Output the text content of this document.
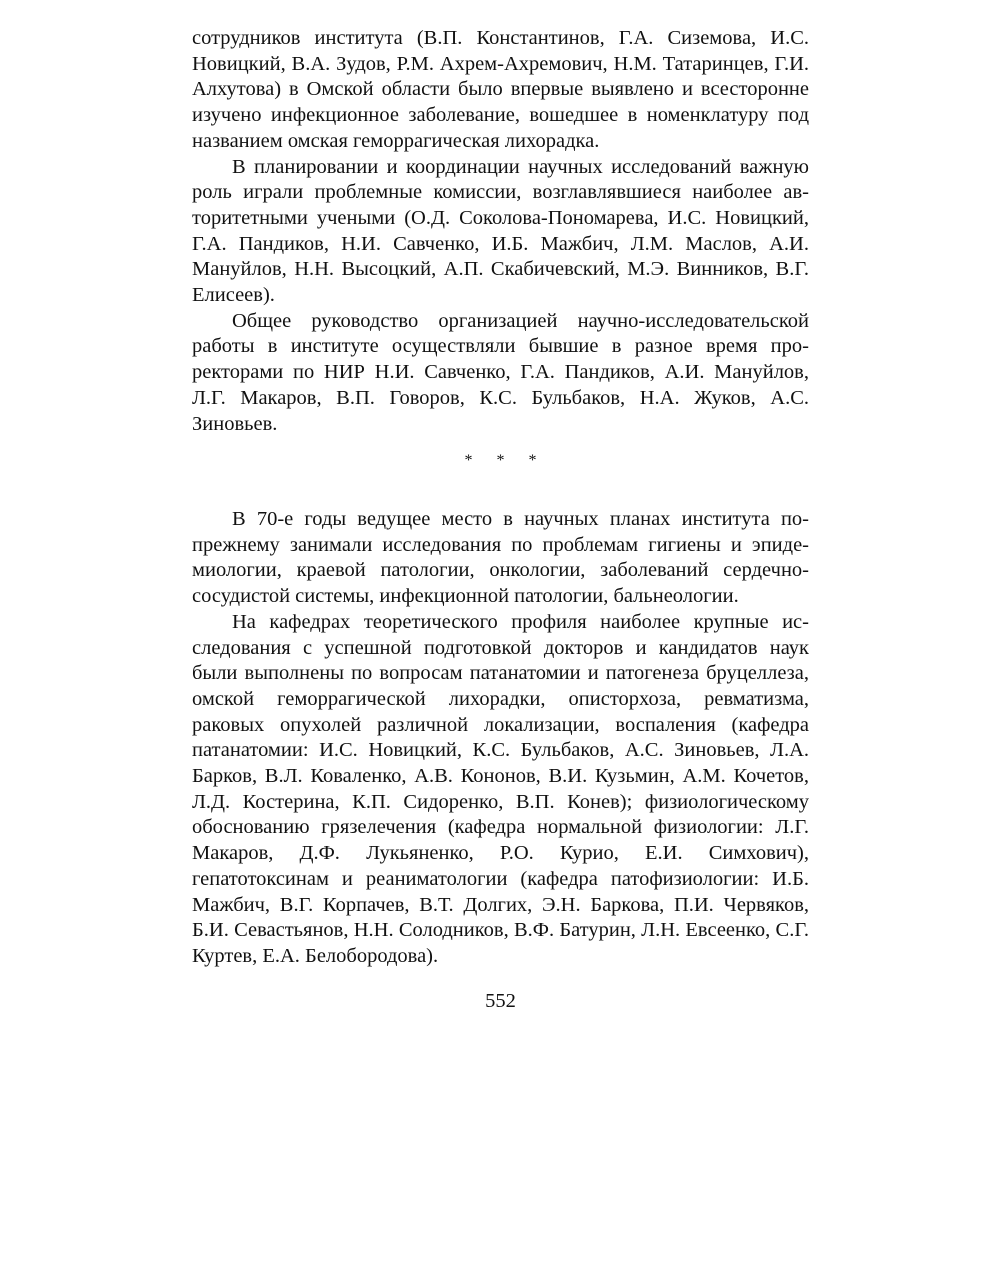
сотрудников института (В.П. Константинов, Г.А. Сиземова, И.С. Новицкий, В.А. Зудов, Р.М. Ахрем-Ахремович, Н.М. Татаринцев, Г.И. Алхутова) в Омской области было впервые выявлено и всесторонне изучено инфекционное заболевание, вошедшее в номенклатуру под названием омская геморрагическая лихорадка.

В планировании и координации научных исследований важную роль играли проблемные комиссии, возглавлявшиеся наиболее авторитетными учеными (О.Д. Соколова-Пономарева, И.С. Новицкий, Г.А. Пандиков, Н.И. Савченко, И.Б. Мажбич, Л.М. Маслов, А.И. Мануйлов, Н.Н. Высоцкий, А.П. Скабичевский, М.Э. Винников, В.Г. Елисеев).

Общее руководство организацией научно-исследовательской работы в институте осуществляли бывшие в разное время проректорами по НИР Н.И. Савченко, Г.А. Пандиков, А.И. Мануйлов, Л.Г. Макаров, В.П. Говоров, К.С. Бульбаков, Н.А. Жуков, А.С. Зиновьев.

* * *

В 70-е годы ведущее место в научных планах института попрежнему занимали исследования по проблемам гигиены и эпидемиологии, краевой патологии, онкологии, заболеваний сердечнососудистой системы, инфекционной патологии, бальнеологии.

На кафедрах теоретического профиля наиболее крупные исследования с успешной подготовкой докторов и кандидатов наук были выполнены по вопросам патанатомии и патогенеза бруцеллеза, омской геморрагической лихорадки, описторхоза, ревматизма, раковых опухолей различной локализации, воспаления (кафедра патанатомии: И.С. Новицкий, К.С. Бульбаков, А.С. Зиновьев, Л.А. Барков, В.Л. Коваленко, А.В. Кононов, В.И. Кузьмин, А.М. Кочетов, Л.Д. Костерина, К.П. Сидоренко, В.П. Конев); физиологическому обоснованию грязелечения (кафедра нормальной физиологии: Л.Г. Макаров, Д.Ф. Лукьяненко, Р.О. Курио, Е.И. Симхович), гепатотоксинам и реаниматологии (кафедра патофизиологии: И.Б. Мажбич, В.Г. Корпачев, В.Т. Долгих, Э.Н. Баркова, П.И. Червяков, Б.И. Севастьянов, Н.Н. Солодников, В.Ф. Батурин, Л.Н. Евсеенко, С.Г. Куртев, Е.А. Белобородова).

552
